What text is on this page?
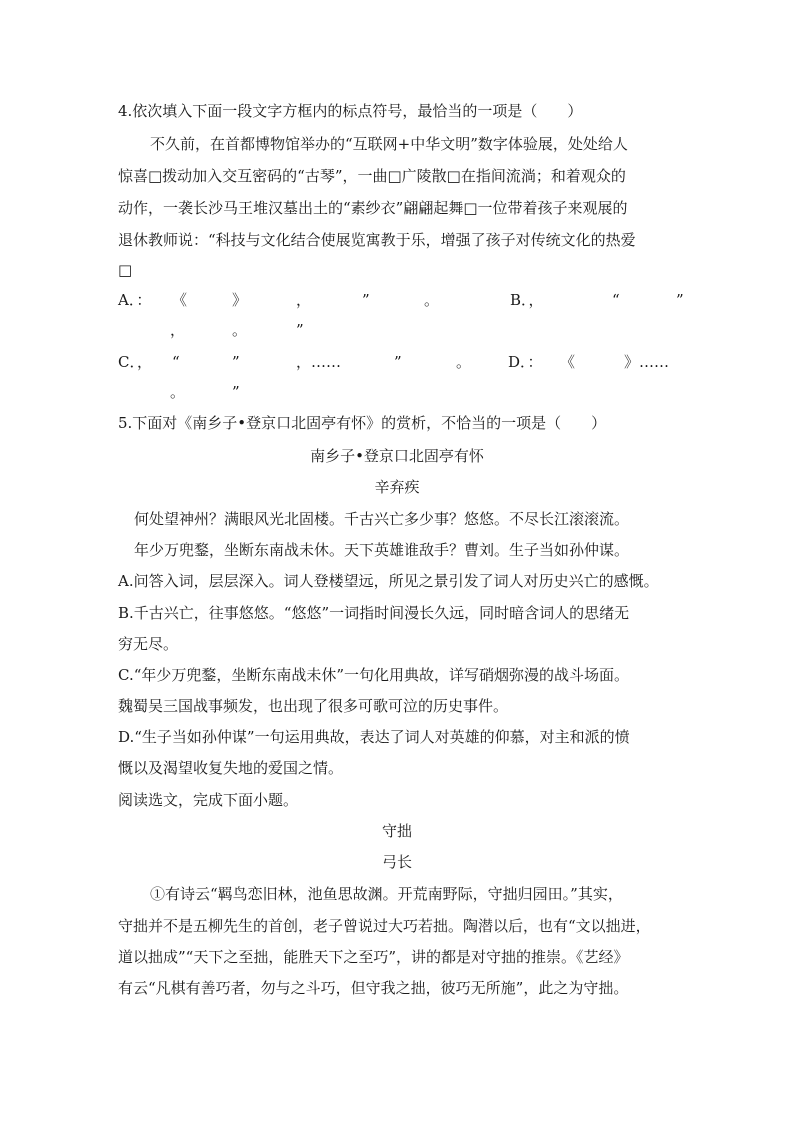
4.依次填入下面一段文字方框内的标点符号，最恰当的一项是（　　）
不久前，在首都博物馆举办的“互联网+中华文明”数字体验展，处处给人
惊喜□拨动加入交互密码的“古琴”，一曲□广陵散□在指间流淌；和着观众的
动作，一袭长沙马王堆汉墓出土的“素纱衣”翩翩起舞□一位带着孩子来观展的
退休教师说：“科技与文化结合使展览寓教于乐，增强了孩子对传统文化的热爱
□
A．： 《	》	，	”	。	B．，	“	”
，	。	”
C．， “	”	，……	”	。 D．： 《	》……
。	”
5.下面对《南乡子•登京口北固亭有怀》的赏析，不恰当的一项是（　　）
南乡子•登京口北固亭有怀
辛弃疾
何处望神州？满眼风光北固楼。千古兴亡多少事？悠悠。不尽长江滚滚流。
年少万兜鍪，坐断东南战未休。天下英雄谁敌手？曹刘。生子当如孙仲谋。
A.问答入词，层层深入。词人登楼望远，所见之景引发了词人对历史兴亡的感慨。
B.千古兴亡，往事悠悠。“悠悠”一词指时间漫长久远，同时暗含词人的思绪无
穷无尽。
C.“年少万兜鍪，坐断东南战未休”一句化用典故，详写硝烟弥漫的战斗场面。
魏蜀吴三国战事频发，也出现了很多可歌可泣的历史事件。
D.“生子当如孙仲谋”一句运用典故，表达了词人对英雄的仰慕，对主和派的愤
慨以及渴望收复失地的爱国之情。
阅读选文，完成下面小题。
守拙
弓长
①有诗云“羁鸟恋旧林，池鱼思故渊。开荒南野际，守拙归园田。”其实，
守拙并不是五柳先生的首创，老子曾说过大巧若拙。陶潜以后，也有“文以拙进，
道以拙成”“天下之至拙，能胜天下之至巧”，讲的都是对守拙的推崇。《艺经》
有云“凡棋有善巧者，勿与之斗巧，但守我之拙，彼巧无所施”，此之为守拙。
